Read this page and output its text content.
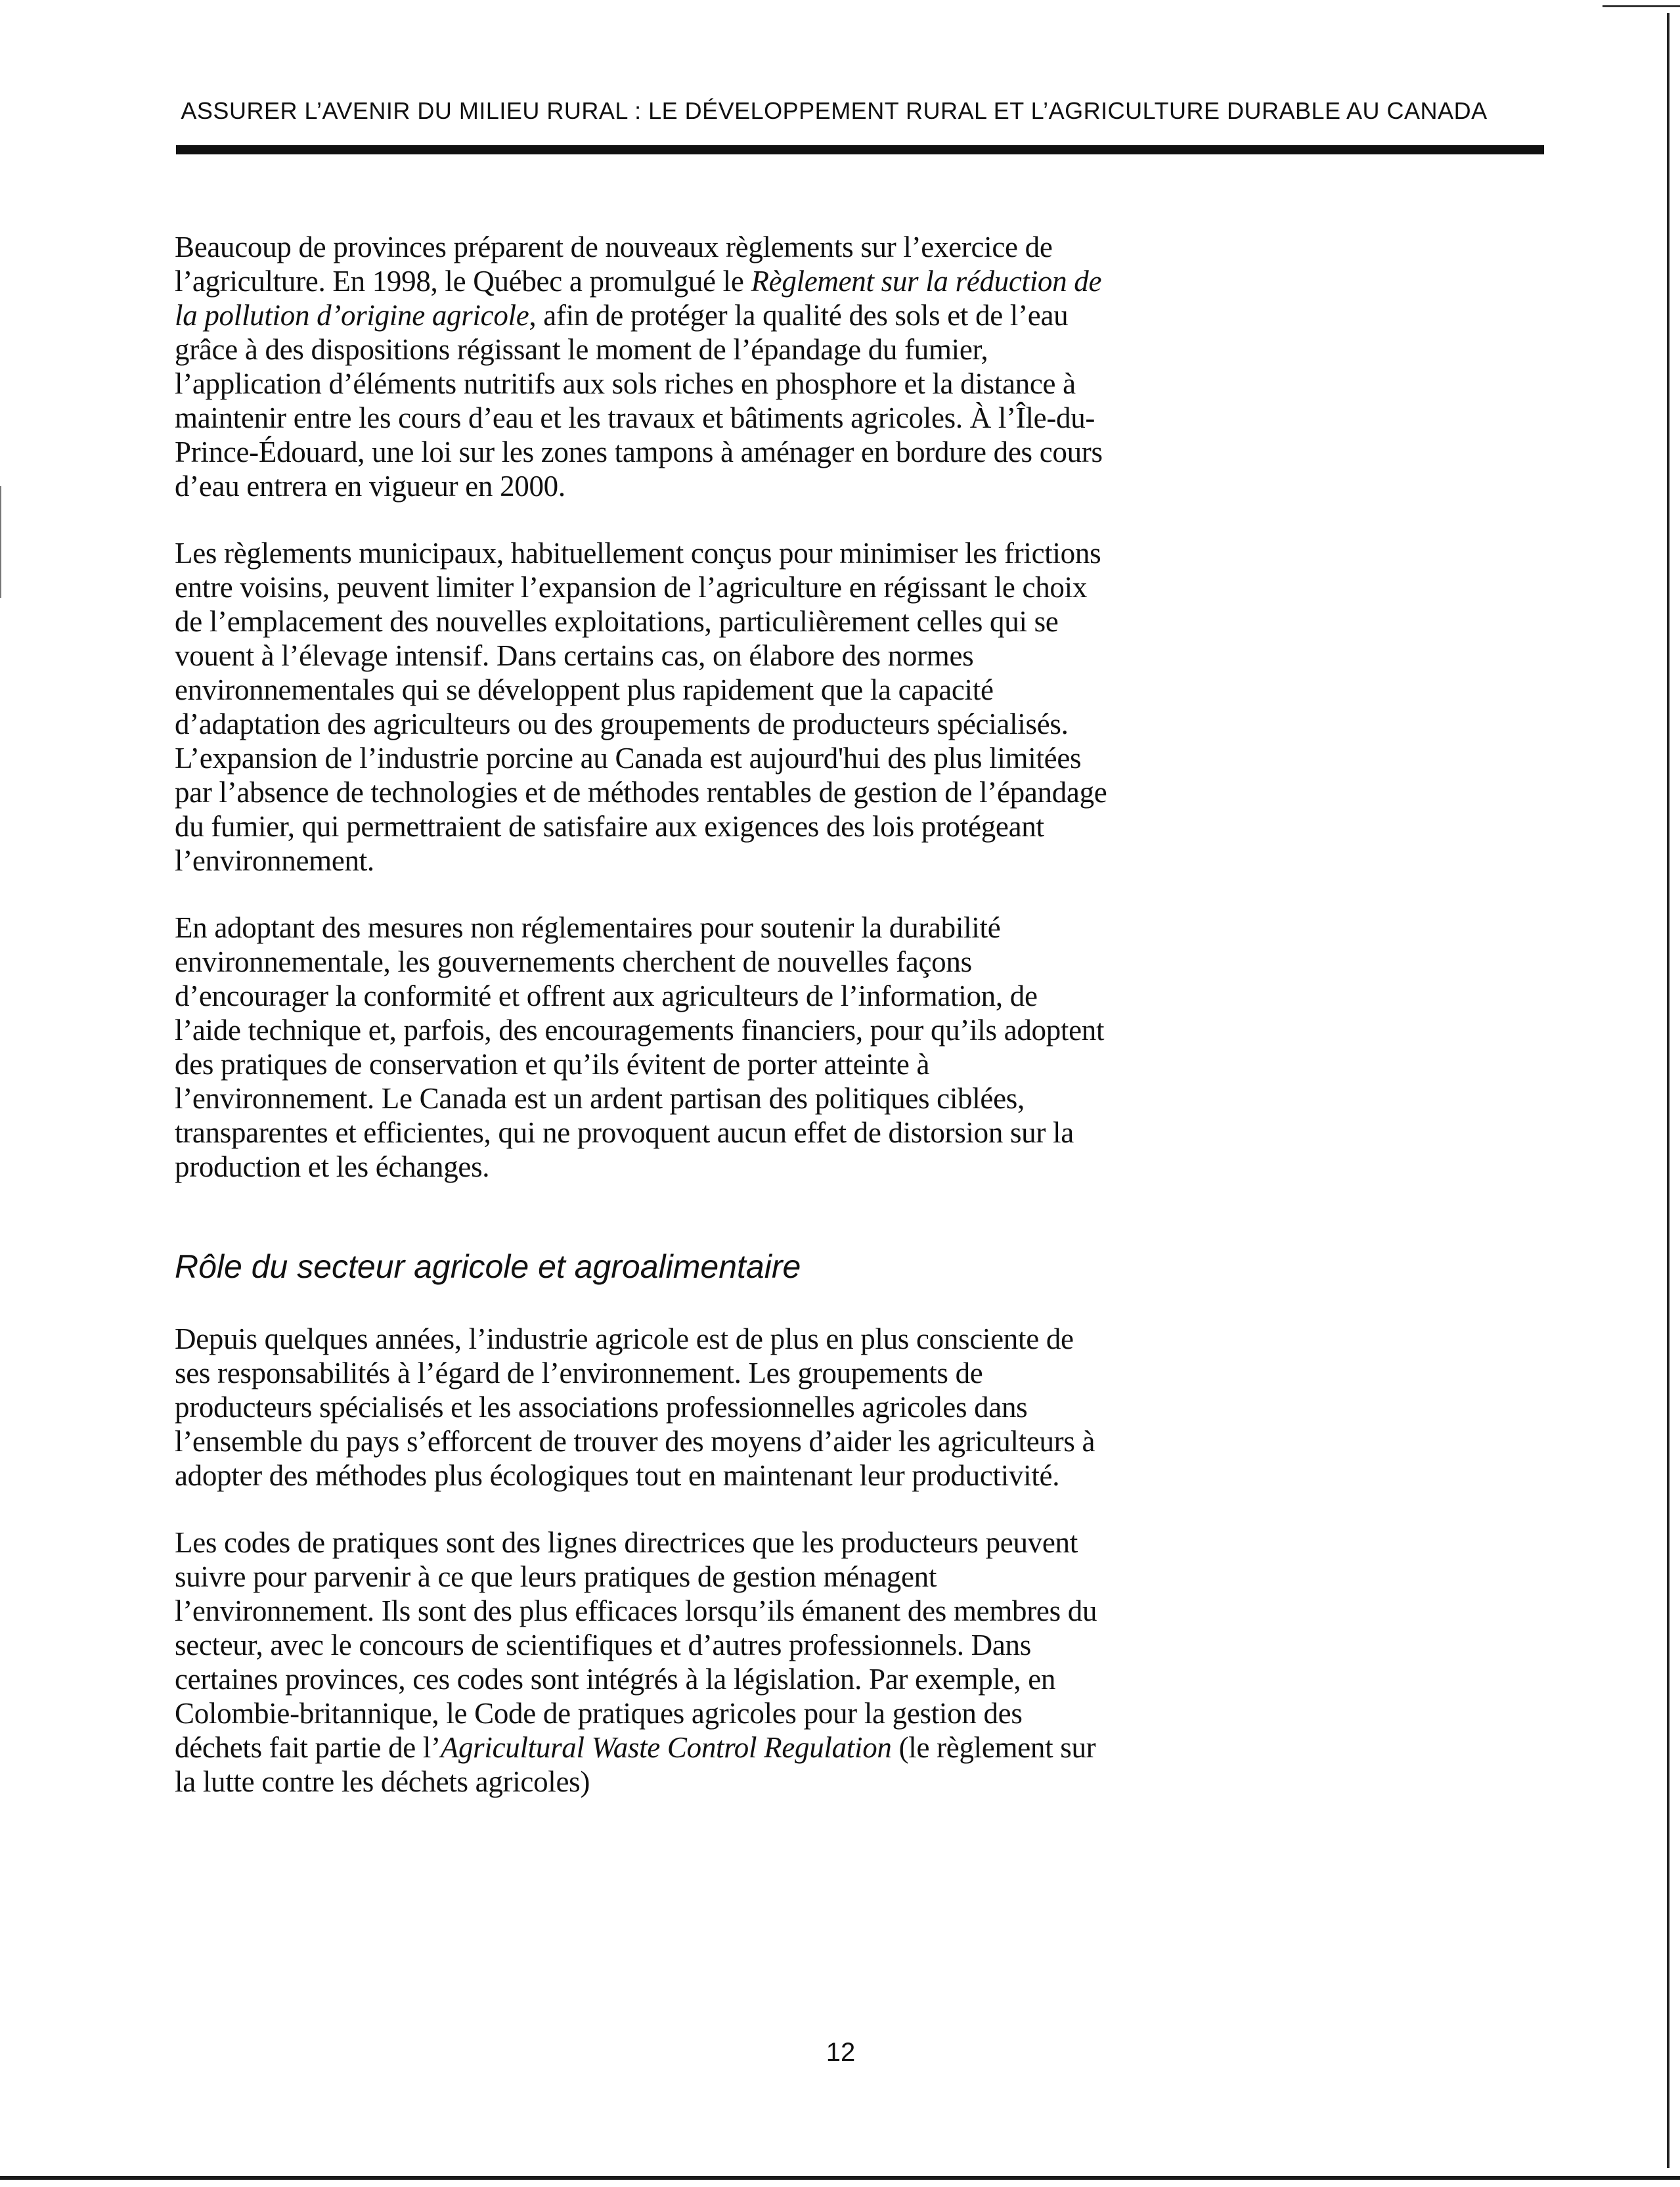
ASSURER L’AVENIR DU MILIEU RURAL : LE DÉVELOPPEMENT RURAL ET L’AGRICULTURE DURABLE AU CANADA

Beaucoup de provinces préparent de nouveaux règlements sur l’exercice de l’agriculture. En 1998, le Québec a promulgué le Règlement sur la réduction de la pollution d’origine agricole, afin de protéger la qualité des sols et de l’eau grâce à des dispositions régissant le moment de l’épandage du fumier, l’application d’éléments nutritifs aux sols riches en phosphore et la distance à maintenir entre les cours d’eau et les travaux et bâtiments agricoles. À l’Île-du-Prince-Édouard, une loi sur les zones tampons à aménager en bordure des cours d’eau entrera en vigueur en 2000.

Les règlements municipaux, habituellement conçus pour minimiser les frictions entre voisins, peuvent limiter l’expansion de l’agriculture en régissant le choix de l’emplacement des nouvelles exploitations, particulièrement celles qui se vouent à l’élevage intensif. Dans certains cas, on élabore des normes environnementales qui se développent plus rapidement que la capacité d’adaptation des agriculteurs ou des groupements de producteurs spécialisés. L’expansion de l’industrie porcine au Canada est aujourd'hui des plus limitées par l’absence de technologies et de méthodes rentables de gestion de l’épandage du fumier, qui permettraient de satisfaire aux exigences des lois protégeant l’environnement.

En adoptant des mesures non réglementaires pour soutenir la durabilité environnementale, les gouvernements cherchent de nouvelles façons d’encourager la conformité et offrent aux agriculteurs de l’information, de l’aide technique et, parfois, des encouragements financiers, pour qu’ils adoptent des pratiques de conservation et qu’ils évitent de porter atteinte à l’environnement. Le Canada est un ardent partisan des politiques ciblées, transparentes et efficientes, qui ne provoquent aucun effet de distorsion sur la production et les échanges.

Rôle du secteur agricole et agroalimentaire

Depuis quelques années, l’industrie agricole est de plus en plus consciente de ses responsabilités à l’égard de l’environnement. Les groupements de producteurs spécialisés et les associations professionnelles agricoles dans l’ensemble du pays s’efforcent de trouver des moyens d’aider les agriculteurs à adopter des méthodes plus écologiques tout en maintenant leur productivité.

Les codes de pratiques sont des lignes directrices que les producteurs peuvent suivre pour parvenir à ce que leurs pratiques de gestion ménagent l’environnement. Ils sont des plus efficaces lorsqu’ils émanent des membres du secteur, avec le concours de scientifiques et d’autres professionnels. Dans certaines provinces, ces codes sont intégrés à la législation. Par exemple, en Colombie-britannique, le Code de pratiques agricoles pour la gestion des déchets fait partie de l’Agricultural Waste Control Regulation (le règlement sur la lutte contre les déchets agricoles)

12
